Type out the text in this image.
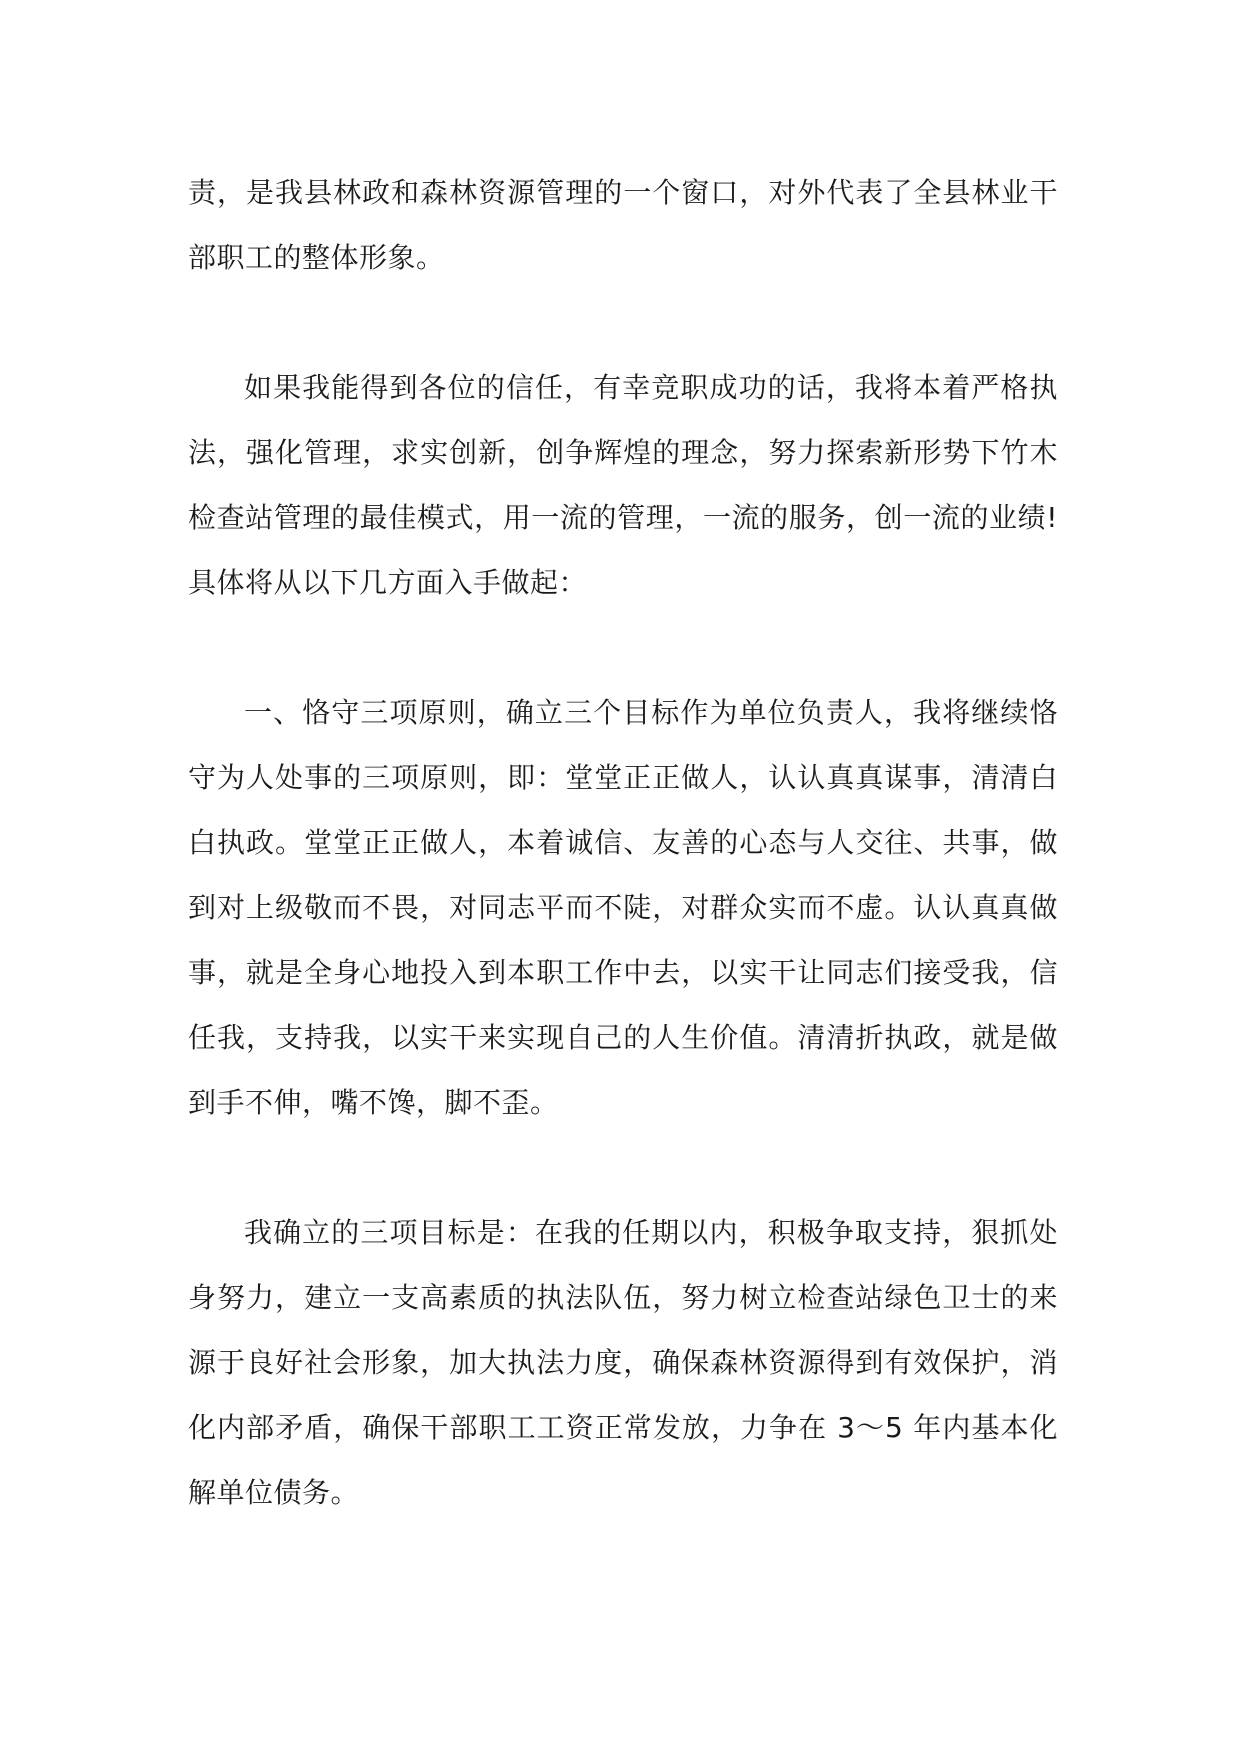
责，是我县林政和森林资源管理的一个窗口，对外代表了全县林业干部职工的整体形象。

如果我能得到各位的信任，有幸竞职成功的话，我将本着严格执法，强化管理，求实创新，创争辉煌的理念，努力探索新形势下竹木检查站管理的最佳模式，用一流的管理，一流的服务，创一流的业绩!具体将从以下几方面入手做起：

一、恪守三项原则，确立三个目标作为单位负责人，我将继续恪守为人处事的三项原则，即：堂堂正正做人，认认真真谋事，清清白白执政。堂堂正正做人，本着诚信、友善的心态与人交往、共事，做到对上级敬而不畏，对同志平而不陡，对群众实而不虚。认认真真做事，就是全身心地投入到本职工作中去，以实干让同志们接受我，信任我，支持我，以实干来实现自己的人生价值。清清折执政，就是做到手不伸，嘴不馋，脚不歪。

我确立的三项目标是：在我的任期以内，积极争取支持，狠抓处身努力，建立一支高素质的执法队伍，努力树立检查站绿色卫士的来源于良好社会形象，加大执法力度，确保森林资源得到有效保护，消化内部矛盾，确保干部职工工资正常发放，力争在 3～5 年内基本化解单位债务。
